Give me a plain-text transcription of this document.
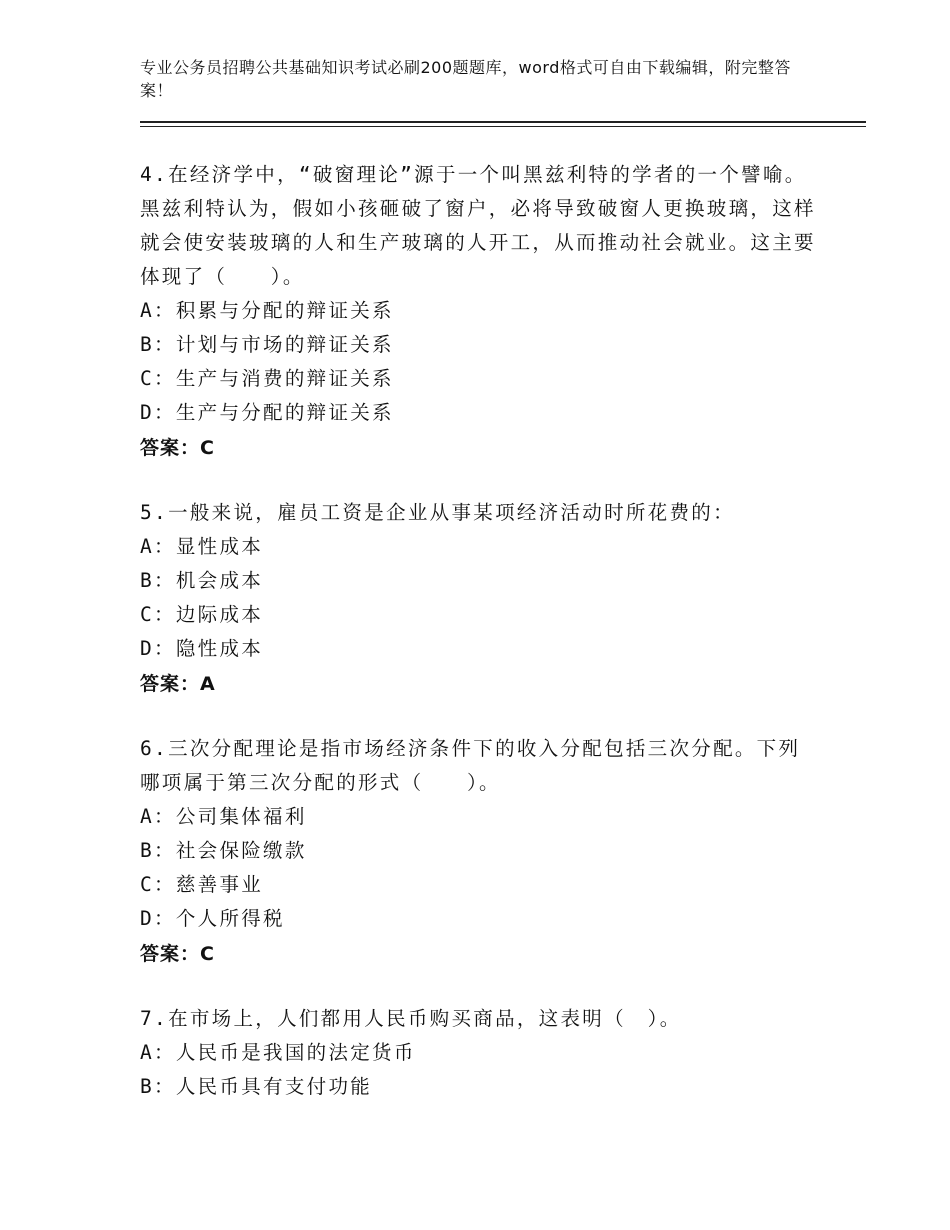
专业公务员招聘公共基础知识考试必刷200题题库，word格式可自由下载编辑，附完整答案！

4.在经济学中，“破窗理论”源于一个叫黑兹利特的学者的一个譬喻。黑兹利特认为，假如小孩砸破了窗户，必将导致破窗人更换玻璃，这样就会使安装玻璃的人和生产玻璃的人开工，从而推动社会就业。这主要体现了（　　）。

A：积累与分配的辩证关系

B：计划与市场的辩证关系

C：生产与消费的辩证关系

D：生产与分配的辩证关系

答案：C

5.一般来说，雇员工资是企业从事某项经济活动时所花费的：

A：显性成本

B：机会成本

C：边际成本

D：隐性成本

答案：A

6.三次分配理论是指市场经济条件下的收入分配包括三次分配。下列哪项属于第三次分配的形式（　　）。

A：公司集体福利

B：社会保险缴款

C：慈善事业

D：个人所得税

答案：C

7.在市场上，人们都用人民币购买商品，这表明（　）。

A：人民币是我国的法定货币

B：人民币具有支付功能
